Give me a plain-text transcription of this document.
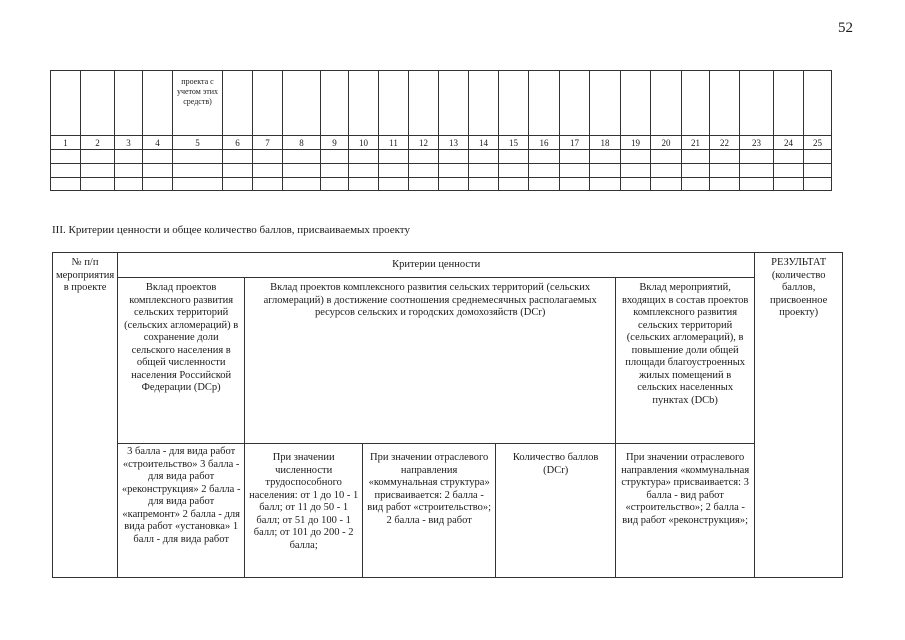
52

				проекта с учетом этих средств)																				

1	2	3	4	5	6	7	8	9	10	11	12	13	14	15	16	17	18	19	20	21	22	23	24	25

III. Критерии ценности и общее количество баллов, присваиваемых проекту
№ п/п мероприятия в проекте	Критерии ценности					РЕЗУЛЬТАТ (количество баллов, присвоенное проекту)
	Вклад проектов комплексного развития сельских территорий (сельских агломераций) в сохранение доли сельского населения в общей численности населения Российской Федерации (DCp)	Вклад проектов комплексного развития сельских территорий (сельских агломераций) в достижение соотношения среднемесячных располагаемых ресурсов сельских и городских домохозяйств (DCr)			Вклад мероприятий, входящих в состав проектов комплексного развития сельских территорий (сельских агломераций), в повышение доли общей площади благоустроенных жилых помещений в сельских населенных пунктах (DCb)	
	3 балла - для вида работ «строительство» 3 балла - для вида работ «реконструкция» 2 балла - для вида работ «капремонт» 2 балла - для вида работ «установка» 1 балл - для вида работ	При значении численности трудоспособного населения: от 1 до 10 - 1 балл; от 11 до 50 - 1 балл; от 51 до 100 - 1 балл; от 101 до 200 - 2 балла;	При значении отраслевого направления «коммунальная структура» присваивается: 2 балла - вид работ «строительство»; 2 балла - вид работ	Количество баллов (DCr)	При значении отраслевого направления «коммунальная структура» присваивается: 3 балла - вид работ «строительство»; 2 балла - вид работ «реконструкция»;	
